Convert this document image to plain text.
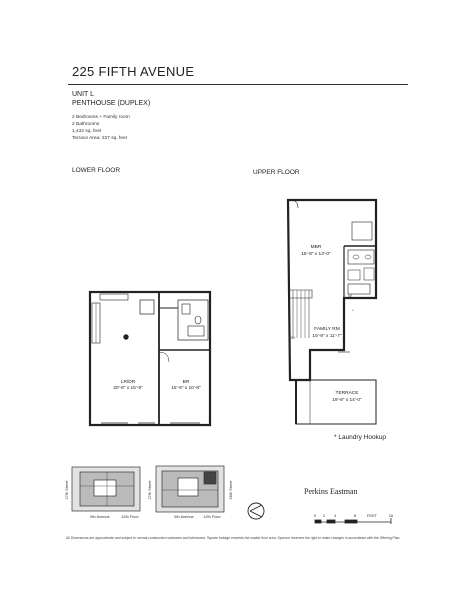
225 FIFTH AVENUE
UNIT L
PENTHOUSE (DUPLEX)
2 Bedrooms + Family room
2 Bathrooms
1,432 sq. feet
Terrace Area: 227 sq. feet
LOWER FLOOR	UPPER FLOOR
LR/DR
20'-8" x 15'-9"
BR
15'-6" x 10'-8"
MBR
15'-8" x 13'-0"
FAMILY RM
15'-9" x 11'-7"
TERRACE
19'-8" x 14'-0"
DN
W
*
27th Street
5th Avenue	12th Floor
27th Street
5th Avenue 12th Floor
26th Street
0 2 4	8	FEET	16
* Laundry Hookup
Perkins Eastman
All Dimensions are approximate and subject to normal construction variances and tolerances. Square footage exceeds the usable floor area. Sponsor reserves the right to make changes in accordance with the Offering Plan.
